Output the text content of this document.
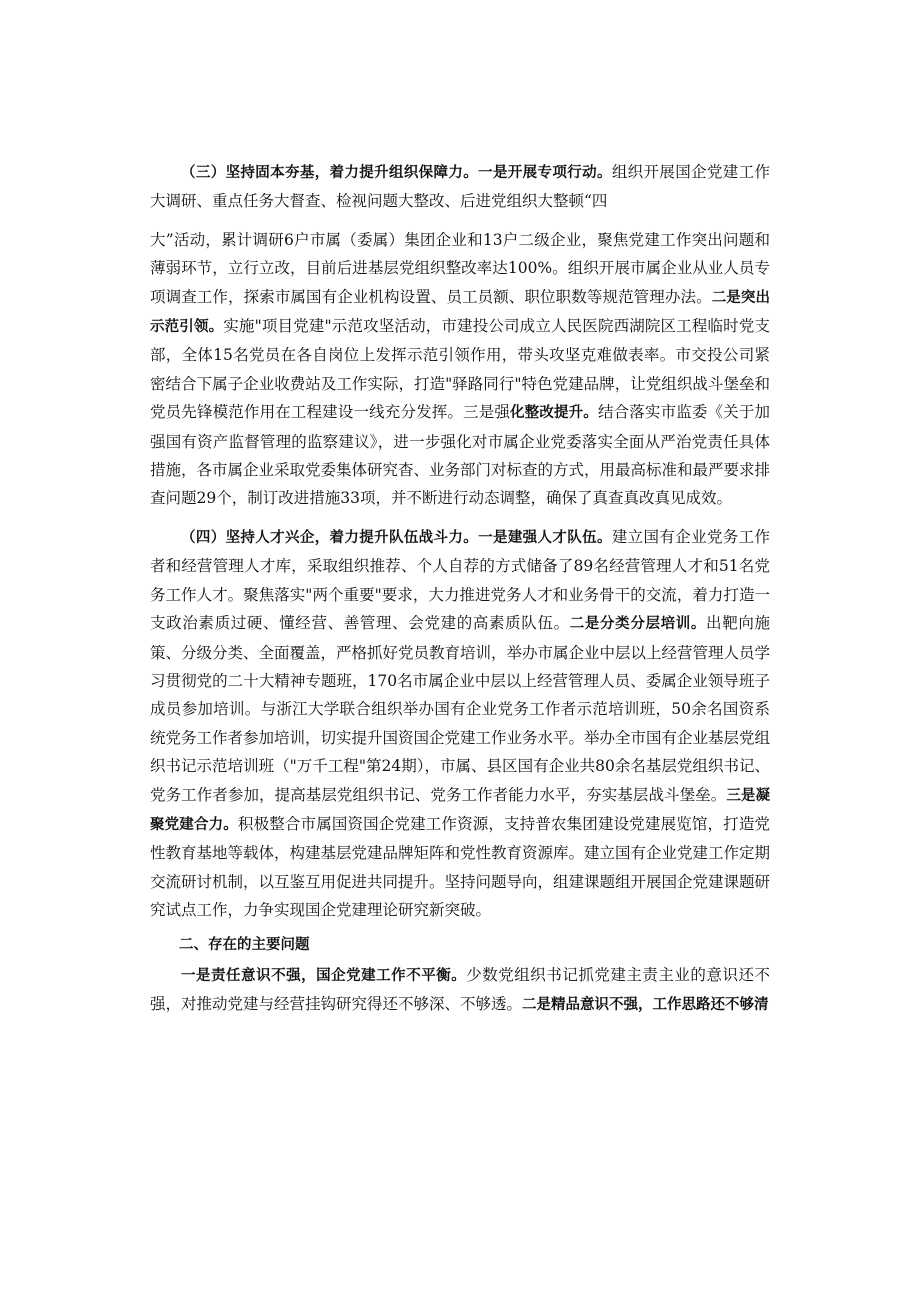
（三）坚持固本夯基，着力提升组织保障力。一是开展专项行动。组织开展国企党建工作大调研、重点任务大督查、检视问题大整改、后进党组织大整顿“四

大”活动，累计调研6户市属（委属）集团企业和13户二级企业，聚焦党建工作突出问题和薄弱环节，立行立改，目前后进基层党组织整改率达100%。组织开展市属企业从业人员专项调查工作，探索市属国有企业机构设置、员工员额、职位职数等规范管理办法。二是突出示范引领。实施"项目党建"示范攻坚活动，市建投公司成立人民医院西湖院区工程临时党支部，全体15名党员在各自岗位上发挥示范引领作用，带头攻坚克难做表率。市交投公司紧密结合下属子企业收费站及工作实际，打造"驿路同行"特色党建品牌，让党组织战斗堡垒和党员先锋模范作用在工程建设一线充分发挥。三是强化整改提升。结合落实市监委《关于加强国有资产监督管理的监察建议》，进一步强化对市属企业党委落实全面从严治党责任具体措施，各市属企业采取党委集体研究杳、业务部门对标查的方式，用最高标准和最严要求排查问题29个，制订改进措施33项，并不断进行动态调整，确保了真查真改真见成效。

（四）坚持人才兴企，着力提升队伍战斗力。一是建强人才队伍。建立国有企业党务工作者和经营管理人才库，采取组织推荐、个人自荐的方式储备了89名经营管理人才和51名党务工作人才。聚焦落实"两个重要"要求，大力推进党务人才和业务骨干的交流，着力打造一支政治素质过硬、懂经营、善管理、会党建的高素质队伍。二是分类分层培训。出靶向施策、分级分类、全面覆盖，严格抓好党员教育培训，举办市属企业中层以上经营管理人员学习贯彻党的二十大精神专题班，170名市属企业中层以上经营管理人员、委属企业领导班子成员参加培训。与浙江大学联合组织举办国有企业党务工作者示范培训班，50余名国资系统党务工作者参加培训，切实提升国资国企党建工作业务水平。举办全市国有企业基层党组织书记示范培训班（"万千工程"第24期），市属、县区国有企业共80余名基层党组织书记、党务工作者参加，提高基层党组织书记、党务工作者能力水平，夯实基层战斗堡垒。三是凝聚党建合力。积极整合市属国资国企党建工作资源，支持普农集团建设党建展览馆，打造党性教育基地等载体，构建基层党建品牌矩阵和党性教育资源库。建立国有企业党建工作定期交流研讨机制，以互鉴互用促进共同提升。坚持问题导向，组建课题组开展国企党建课题研究试点工作，力争实现国企党建理论研究新突破。

二、存在的主要问题

一是责任意识不强，国企党建工作不平衡。少数党组织书记抓党建主责主业的意识还不强，对推动党建与经营挂钩研究得还不够深、不够透。二是精品意识不强，工作思路还不够清
